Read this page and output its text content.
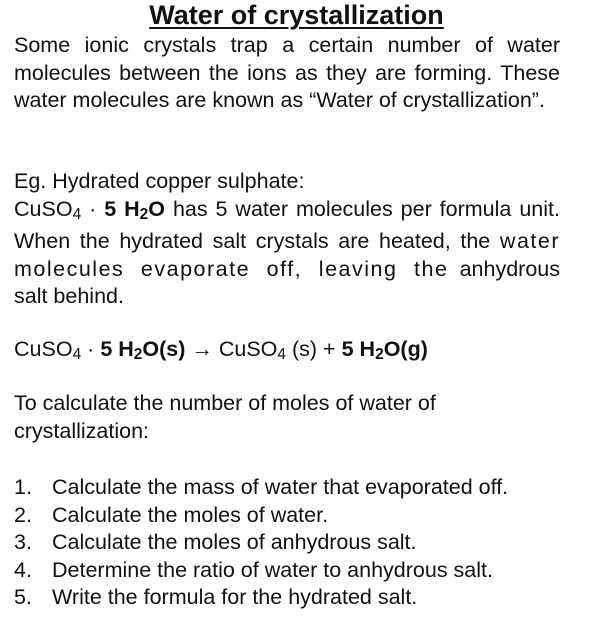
Water of crystallization
Some ionic crystals trap a certain number of water molecules between the ions as they are forming. These water molecules are known as “Water of crystallization”.
Eg. Hydrated copper sulphate:
CuSO4 · 5 H2O has 5 water molecules per formula unit. When the hydrated salt crystals are heated, the water molecules evaporate off, leaving the anhydrous salt behind.
CuSO4 · 5 H2O(s) → CuSO4 (s) + 5 H2O(g)
To calculate the number of moles of water of crystallization:
1. Calculate the mass of water that evaporated off.
2. Calculate the moles of water.
3. Calculate the moles of anhydrous salt.
4. Determine the ratio of water to anhydrous salt.
5. Write the formula for the hydrated salt.
